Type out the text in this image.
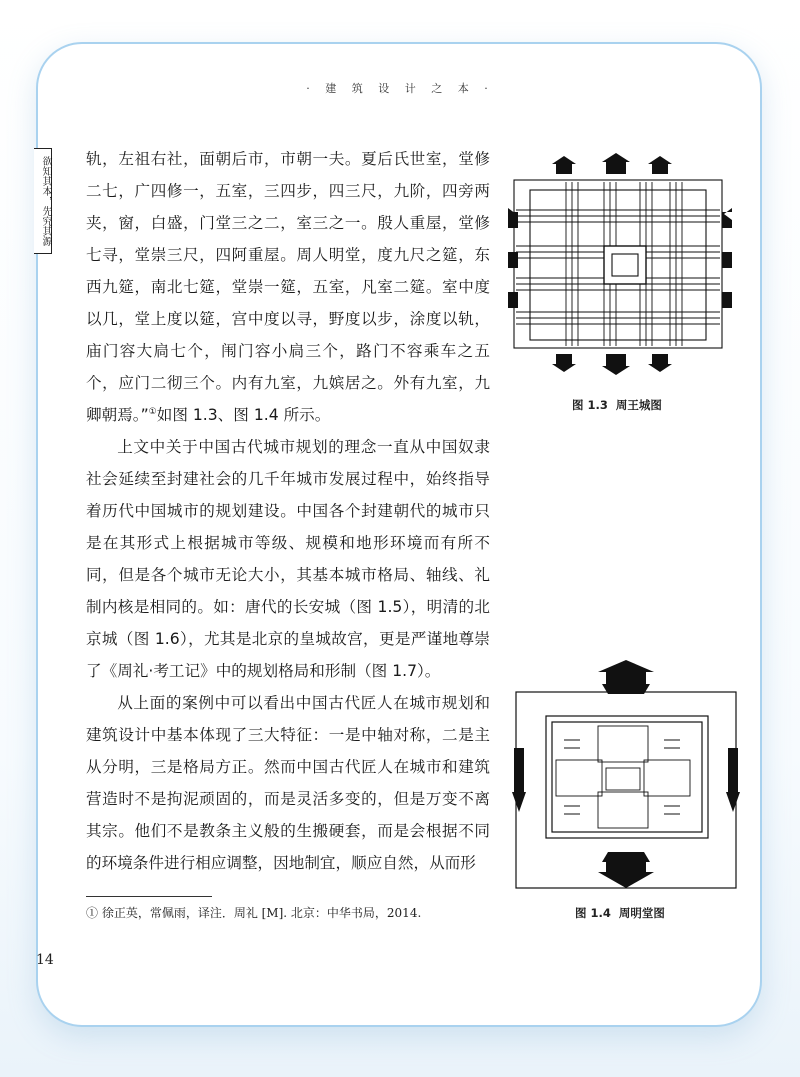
· 建 筑 设 计 之 本 ·
欲知其本，先究其源 轨，左祖右社，面朝后市，市朝一夫。夏后氏世室，堂修二七，广四修一，五室，三四步，四三尺，九阶，四旁两夹，窗，白盛，门堂三之二，室三之一。殷人重屋，堂修七寻，堂崇三尺，四阿重屋。周人明堂，度九尺之筵，东西九筵，南北七筵，堂崇一筵，五室，凡室二筵。室中度以几，堂上度以筵，宫中度以寻，野度以步，涂度以轨，庙门容大扃七个，闱门容小扃三个，路门不容乘车之五个，应门二彻三个。内有九室，九嫔居之。外有九室，九卿朝焉。”①如图 1.3、图 1.4 所示。

上文中关于中国古代城市规划的理念一直从中国奴隶社会延续至封建社会的几千年城市发展过程中，始终指导着历代中国城市的规划建设。中国各个封建朝代的城市只是在其形式上根据城市等级、规模和地形环境而有所不同，但是各个城市无论大小，其基本城市格局、轴线、礼制内核是相同的。如：唐代的长安城（图 1.5），明清的北京城（图 1.6），尤其是北京的皇城故宫，更是严谨地尊崇了《周礼·考工记》中的规划格局和形制（图 1.7）。

从上面的案例中可以看出中国古代匠人在城市规划和建筑设计中基本体现了三大特征：一是中轴对称，二是主从分明，三是格局方正。然而中国古代匠人在城市和建筑营造时不是拘泥顽固的，而是灵活多变的，但是万变不离其宗。他们不是教条主义般的生搬硬套，而是会根据不同的环境条件进行相应调整，因地制宜，顺应自然，从而形

图 1.3 周王城图
图 1.4 周明堂图
① 徐正英，常佩雨，译注．周礼 [M]. 北京：中华书局，2014.
14
